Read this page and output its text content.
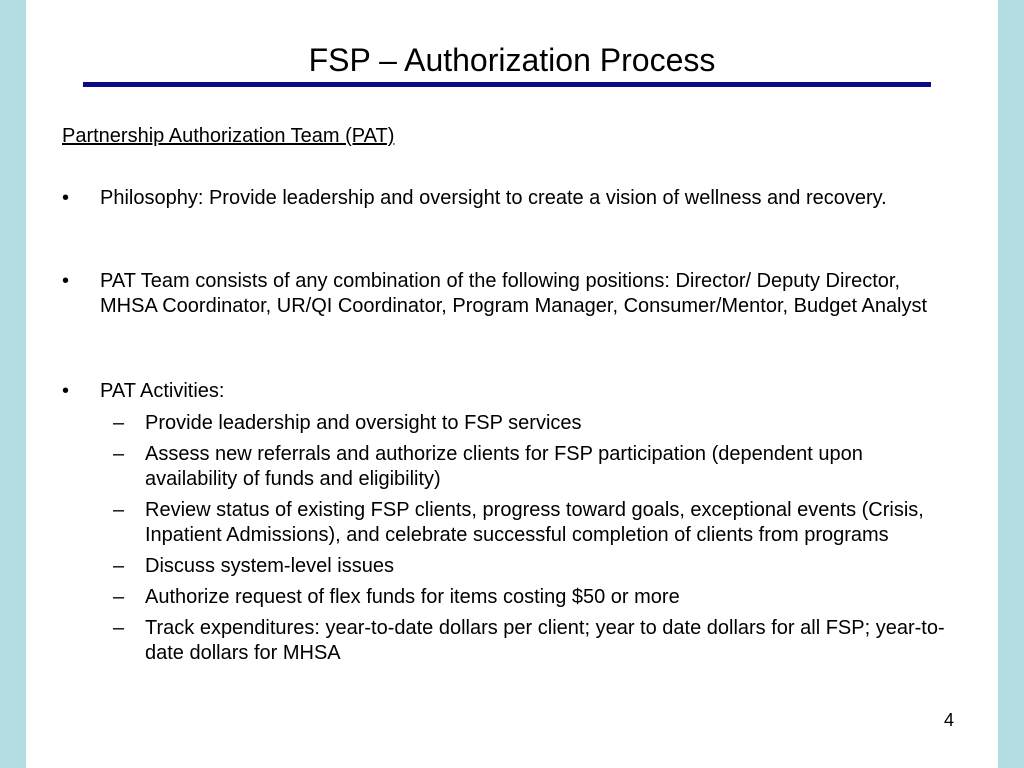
FSP – Authorization Process
Partnership Authorization Team (PAT)
• Philosophy: Provide leadership and oversight to create a vision of wellness and recovery.
• PAT Team consists of any combination of the following positions: Director/ Deputy Director, MHSA Coordinator, UR/QI Coordinator, Program Manager, Consumer/Mentor, Budget Analyst
• PAT Activities:
– Provide leadership and oversight to FSP services
– Assess new referrals and authorize clients for FSP participation (dependent upon availability of funds and eligibility)
– Review status of existing FSP clients, progress toward goals, exceptional events (Crisis, Inpatient Admissions), and celebrate successful completion of clients from programs
– Discuss system-level issues
– Authorize request of flex funds for items costing $50 or more
– Track expenditures: year-to-date dollars per client; year to date dollars for all FSP; year-to-date dollars for MHSA
4
